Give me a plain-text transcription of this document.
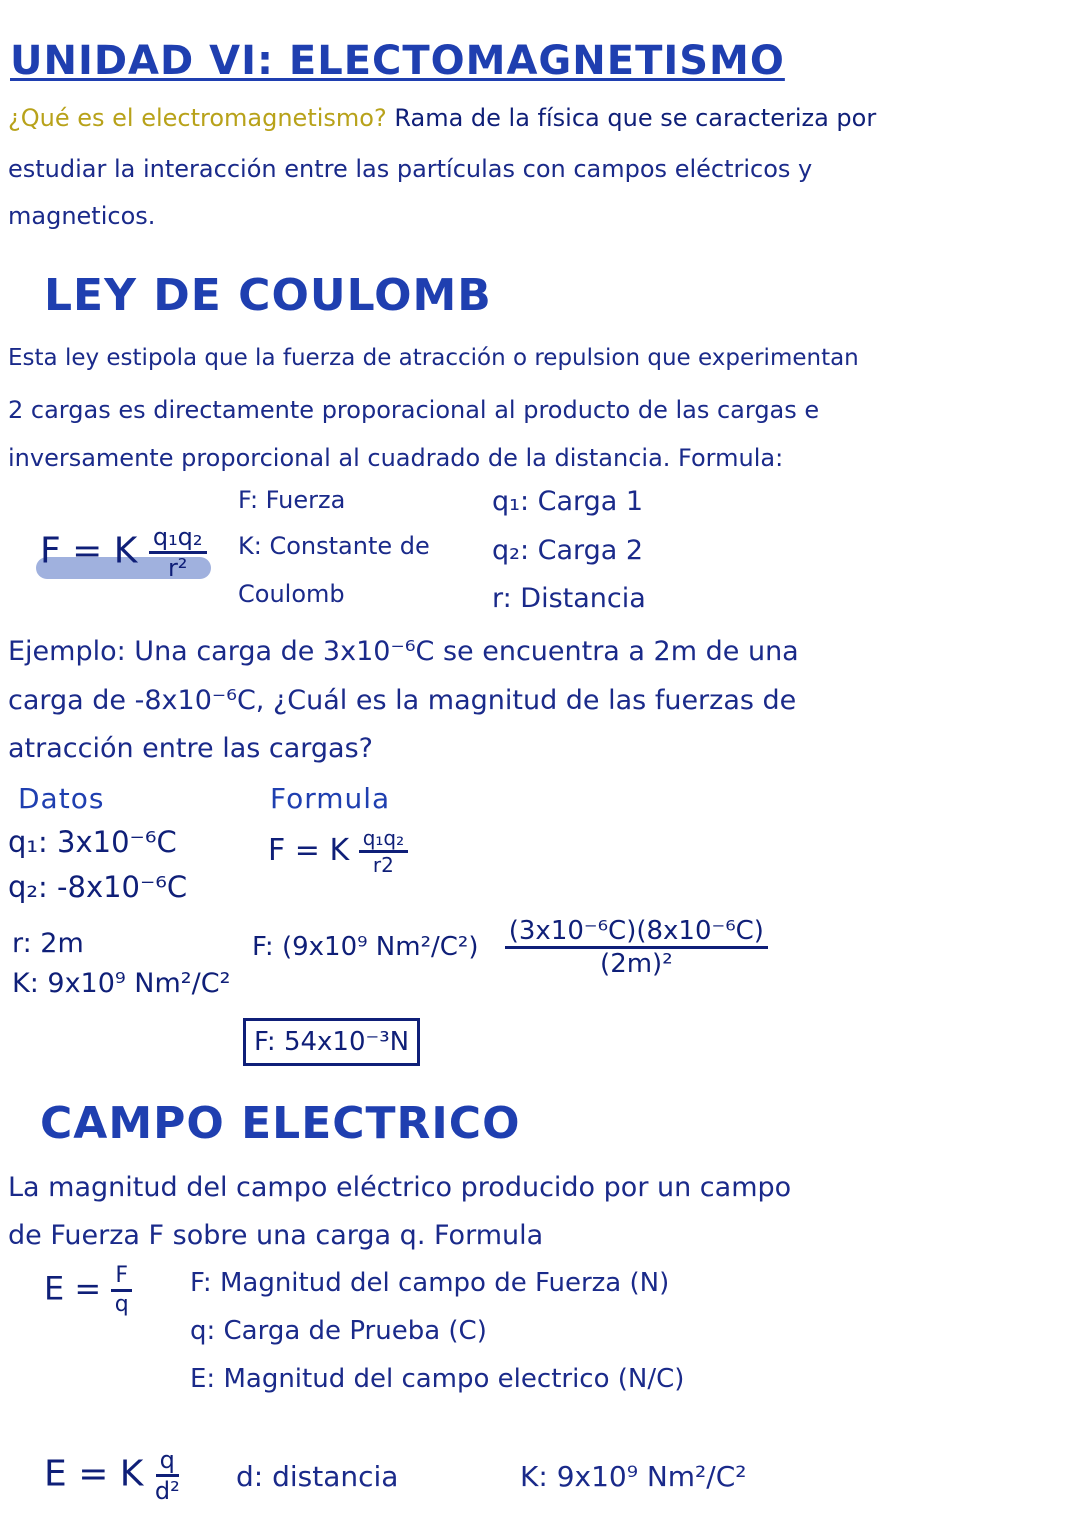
UNIDAD VI: ELECTOMAGNETISMO
¿Qué es el electromagnetismo? Rama de la física que se caracteriza por
estudiar la interacción entre las partículas con campos eléctricos y
magneticos.
LEY DE COULOMB
Esta ley estipola que la fuerza de atracción o repulsion que experimentan
2 cargas es directamente proporacional al producto de las cargas e
inversamente proporcional al cuadrado de la distancia. Formula:
F = K $\frac{\text{q₁q₂}}{\text{r²}}$
F: Fuerza
K: Constante de
Coulomb
q₁: Carga 1
q₂: Carga 2
r: Distancia
Ejemplo: Una carga de 3x10⁻⁶C se encuentra a 2m de una
carga de -8x10⁻⁶C, ¿Cuál es la magnitud de las fuerzas de
atracción entre las cargas?
Datos	Formula
q₁: 3x10⁻⁶C
q₂: -8x10⁻⁶C
r: 2m
K: 9x10⁹ Nm²/C²
F = K $\frac{\text{q₁q₂}}{r2}$
F: (9x10⁹ $Nm^2/C^2) \frac{\text{(3x10⁻⁶C)(8x10⁻⁶C)}}{\text{(2m)²}}$
F: 54x10⁻³N
CAMPO ELECTRICO
La magnitud del campo eléctrico producido por un campo
de Fuerza F sobre una carga q. Formula
$E = \frac{F}{q} F$: Magnitud del campo de Fuerza (N)
q: Carga de Prueba (C)
E: Magnitud del campo electrico (N/C)
E = K $\frac{q}{\text{d²}} d$: distancia	K: 9x10⁹ Nm²/C²
